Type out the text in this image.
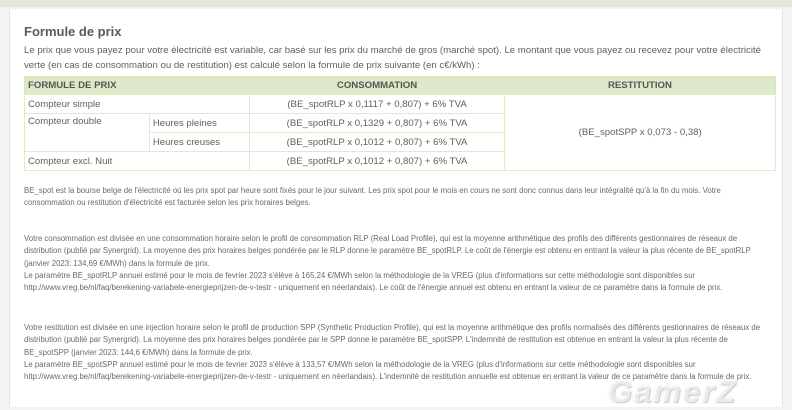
Formule de prix

Le prix que vous payez pour votre électricité est variable, car basé sur les prix du marché de gros (marché spot). Le montant que vous payez ou recevez pour votre électricité verte (en cas de consommation ou de restitution) est calculé selon la formule de prix suivante (en c€/kWh) :

FORMULE DE PRIX		CONSOMMATION	RESTITUTION
Compteur simple		(BE_spotRLP x 0,1117 + 0,807) + 6% TVA	(BE_spotSPP x 0,073 - 0,38)
Compteur double	Heures pleines	(BE_spotRLP x 0,1329 + 0,807) + 6% TVA	
	Heures creuses	(BE_spotRLP x 0,1012 + 0,807) + 6% TVA	
Compteur excl. Nuit		(BE_spotRLP x 0,1012 + 0,807) + 6% TVA	

BE_spot est la bourse belge de l'électricité où les prix spot par heure sont fixés pour le jour suivant. Les prix spot pour le mois en cours ne sont donc connus dans leur intégralité qu'à la fin du mois. Votre consommation ou restitution d'électricité est facturée selon les prix horaires belges.

Votre consommation est divisée en une consommation horaire selon le profil de consommation RLP (Real Load Profile), qui est la moyenne arithmétique des profils des différents gestionnaires de réseaux de distribution (publié par Synergrid). La moyenne des prix horaires belges pondérée par le RLP donne le paramètre BE_spotRLP. Le coût de l'énergie est obtenu en entrant la valeur la plus récente de BE_spotRLP (janvier 2023: 134,69 €/MWh) dans la formule de prix.
Le paramètre BE_spotRLP annuel estimé pour le mois de fevrier 2023 s'élève à 165,24 €/MWh selon la méthodologie de la VREG (plus d'informations sur cette méthodologie sont disponibles sur http://www.vreg.be/nl/faq/berekening-variabele-energieprijzen-de-v-testr - uniquement en néerlandais). Le coût de l'énergie annuel est obtenu en entrant la valeur de ce paramètre dans la formule de prix.

Votre restitution est divisée en une injection horaire selon le profil de production SPP (Synthetic Production Profile), qui est la moyenne arithmétique des profils normalisés des différents gestionnaires de réseaux de distribution (publié par Synergrid). La moyenne des prix horaires belges pondérée par le SPP donne le paramètre BE_spotSPP. L'indemnité de restitution est obtenue en entrant la valeur la plus récente de BE_spotSPP (janvier 2023: 144,6 €/MWh) dans la formule de prix.
Le paramètre BE_spotSPP annuel estimé pour le mois de fevrier 2023 s'élève à 133,57 €/MWh selon la méthodologie de la VREG (plus d'informations sur cette méthodologie sont disponibles sur http://www.vreg.be/nl/faq/berekening-variabele-energieprijzen-de-v-testr - uniquement en néerlandais). L'indemnité de restitution annuelle est obtenue en entrant la valeur de ce paramètre dans la formule de prix.

GamerZ
